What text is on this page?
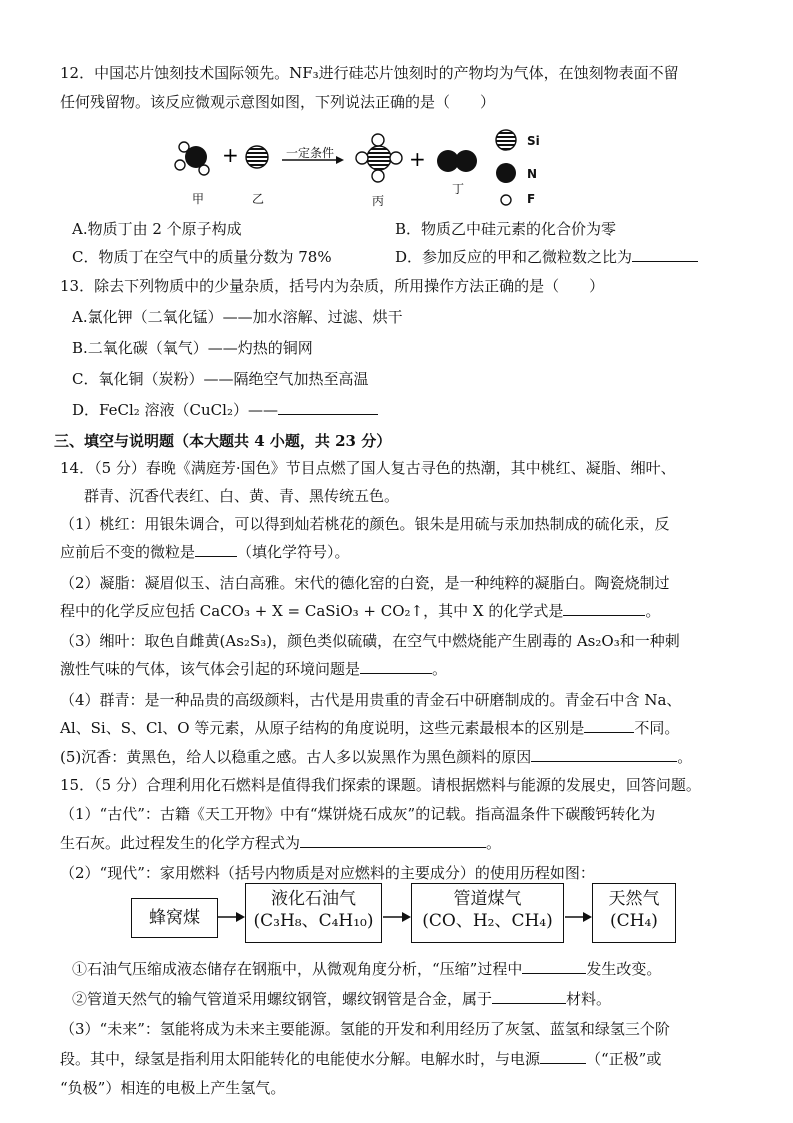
12．中国芯片蚀刻技术国际领先。NF₃进行硅芯片蚀刻时的产物均为气体，在蚀刻物表面不留
任何残留物。该反应微观示意图如图，下列说法正确的是（　　）
+	+
一定条件
甲	乙	丙
丁
Si
N
F
A.物质丁由 2 个原子构成	B．物质乙中硅元素的化合价为零
C．物质丁在空气中的质量分数为 78%	D．参加反应的甲和乙微粒数之比为
13．除去下列物质中的少量杂质，括号内为杂质，所用操作方法正确的是（　　）
A.氯化钾（二氧化锰）——加水溶解、过滤、烘干
B.二氧化碳（氧气）——灼热的铜网
C．氧化铜（炭粉）——隔绝空气加热至高温
D．FeCl₂ 溶液（CuCl₂）——
三、填空与说明题（本大题共 4 小题，共 23 分）
14．（5 分）春晚《满庭芳·国色》节目点燃了国人复古寻色的热潮，其中桃红、凝脂、缃叶、
群青、沉香代表红、白、黄、青、黑传统五色。
（1）桃红：用银朱调合，可以得到灿若桃花的颜色。银朱是用硫与汞加热制成的硫化汞，反
应前后不变的微粒是	（填化学符号）。
（2）凝脂：凝眉似玉、洁白高雅。宋代的德化窑的白瓷，是一种纯粹的凝脂白。陶瓷烧制过
程中的化学反应包括 CaCO₃ + X = CaSiO₃ + CO₂↑，其中 X 的化学式是	。
（3）缃叶：取色自雌黄(As₂S₃)，颜色类似硫磺，在空气中燃烧能产生剧毒的 As₂O₃和一种刺
激性气味的气体，该气体会引起的环境问题是	。
（4）群青：是一种品贵的高级颜料，古代是用贵重的青金石中研磨制成的。青金石中含 Na、
Al、Si、S、Cl、O 等元素，从原子结构的角度说明，这些元素最根本的区别是	不同。
(5)沉香：黄黑色，给人以稳重之感。古人多以炭黑作为黑色颜料的原因	。
15．（5 分）合理利用化石燃料是值得我们探索的课题。请根据燃料与能源的发展史，回答问题。
（1）“古代”：古籍《天工开物》中有“煤饼烧石成灰”的记载。指高温条件下碳酸钙转化为
生石灰。此过程发生的化学方程式为	。
（2）“现代”：家用燃料（括号内物质是对应燃料的主要成分）的使用历程如图：
蜂窝煤
液化石油气
(C₃H₈、C₄H₁₀)
管道煤气
(CO、H₂、CH₄)
天然气
(CH₄)
①石油气压缩成液态储存在钢瓶中，从微观角度分析，“压缩”过程中	发生改变。
②管道天然气的输气管道采用螺纹钢管，螺纹钢管是合金，属于	材料。
（3）“未来”：氢能将成为未来主要能源。氢能的开发和利用经历了灰氢、蓝氢和绿氢三个阶
段。其中，绿氢是指利用太阳能转化的电能使水分解。电解水时，与电源	（“正极”或
“负极”）相连的电极上产生氢气。
